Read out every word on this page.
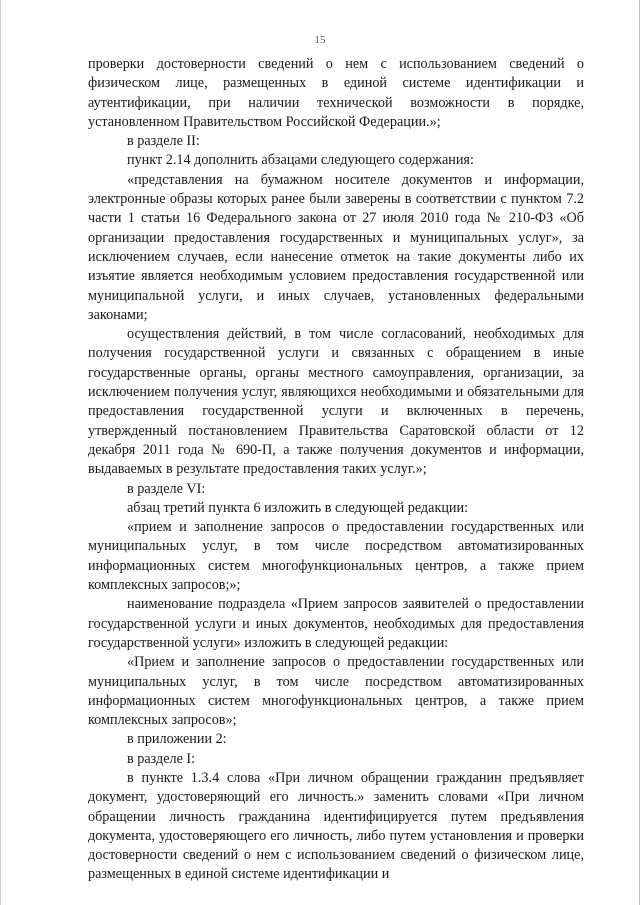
15

проверки достоверности сведений о нем с использованием сведений о физическом лице, размещенных в единой системе идентификации и аутентификации, при наличии технической возможности в порядке, установленном Правительством Российской Федерации.»;

в разделе II:

пункт 2.14 дополнить абзацами следующего содержания:

«представления на бумажном носителе документов и информации, электронные образы которых ранее были заверены в соответствии с пунктом 7.2 части 1 статьи 16 Федерального закона от 27 июля 2010 года № 210-ФЗ «Об организации предоставления государственных и муниципальных услуг», за исключением случаев, если нанесение отметок на такие документы либо их изъятие является необходимым условием предоставления государственной или муниципальной услуги, и иных случаев, установленных федеральными законами;

осуществления действий, в том числе согласований, необходимых для получения государственной услуги и связанных с обращением в иные государственные органы, органы местного самоуправления, организации, за исключением получения услуг, являющихся необходимыми и обязательными для предоставления государственной услуги и включенных в перечень, утвержденный постановлением Правительства Саратовской области от 12 декабря 2011 года № 690-П, а также получения документов и информации, выдаваемых в результате предоставления таких услуг.»;

в разделе VI:

абзац третий пункта 6 изложить в следующей редакции:

«прием и заполнение запросов о предоставлении государственных или муниципальных услуг, в том числе посредством автоматизированных информационных систем многофункциональных центров, а также прием комплексных запросов;»;

наименование подраздела «Прием запросов заявителей о предоставлении государственной услуги и иных документов, необходимых для предоставления государственной услуги» изложить в следующей редакции:

«Прием и заполнение запросов о предоставлении государственных или муниципальных услуг, в том числе посредством автоматизированных информационных систем многофункциональных центров, а также прием комплексных запросов»;

в приложении 2:

в разделе I:

в пункте 1.3.4 слова «При личном обращении гражданин предъявляет документ, удостоверяющий его личность.» заменить словами «При личном обращении личность гражданина идентифицируется путем предъявления документа, удостоверяющего его личность, либо путем установления и проверки достоверности сведений о нем с использованием сведений о физическом лице, размещенных в единой системе идентификации и
